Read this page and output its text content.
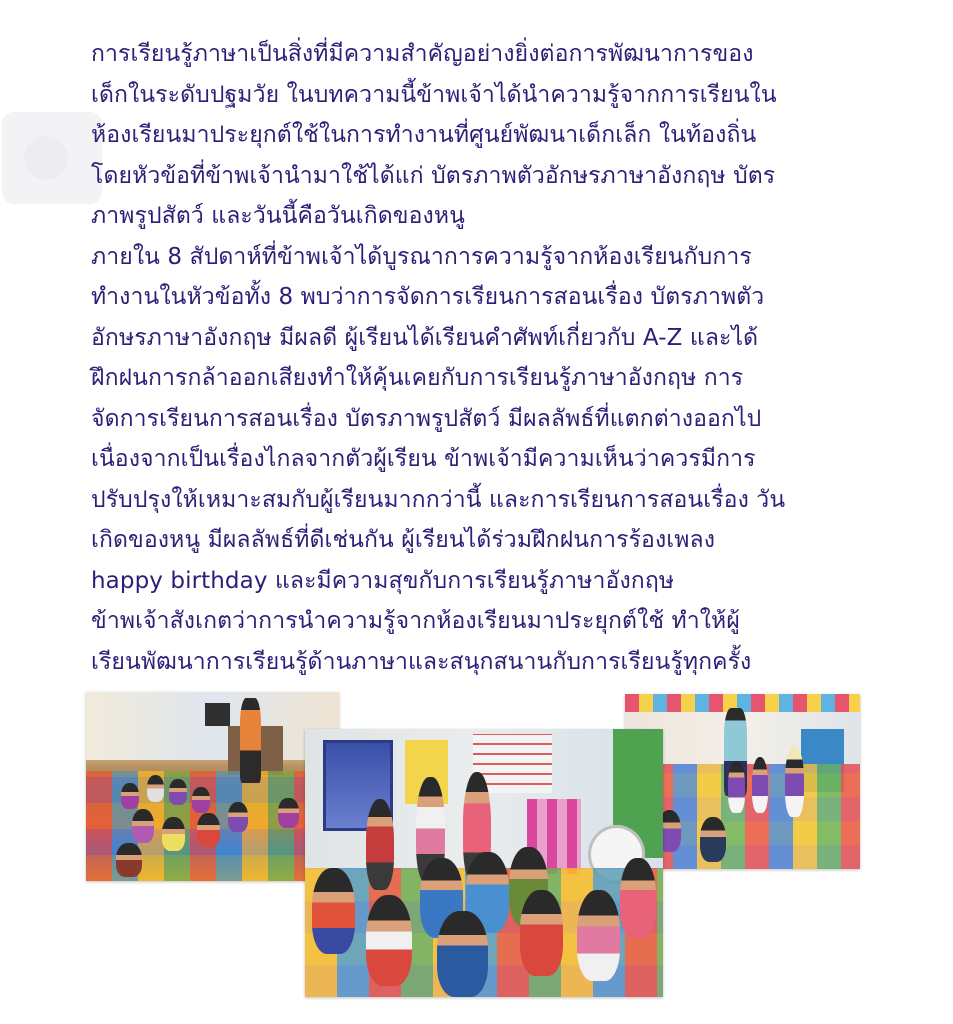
การเรียนรู้ภาษาเป็นสิ่งที่มีความสำคัญอย่างยิ่งต่อการพัฒนาการของ
เด็กในระดับปฐมวัย ในบทความนี้ข้าพเจ้าได้นำความรู้จากการเรียนใน
ห้องเรียนมาประยุกต์ใช้ในการทำงานที่ศูนย์พัฒนาเด็กเล็ก ในท้องถิ่น
โดยหัวข้อที่ข้าพเจ้านำมาใช้ได้แก่ บัตรภาพตัวอักษรภาษาอังกฤษ บัตร
ภาพรูปสัตว์ และวันนี้คือวันเกิดของหนู
ภายใน 8 สัปดาห์ที่ข้าพเจ้าได้บูรณาการความรู้จากห้องเรียนกับการ
ทำงานในหัวข้อทั้ง 8 พบว่าการจัดการเรียนการสอนเรื่อง บัตรภาพตัว
อักษรภาษาอังกฤษ มีผลดี ผู้เรียนได้เรียนคำศัพท์เกี่ยวกับ A-Z และได้
ฝึกฝนการกล้าออกเสียงทำให้คุ้นเคยกับการเรียนรู้ภาษาอังกฤษ การ
จัดการเรียนการสอนเรื่อง บัตรภาพรูปสัตว์ มีผลลัพธ์ที่แตกต่างออกไป
เนื่องจากเป็นเรื่องไกลจากตัวผู้เรียน ข้าพเจ้ามีความเห็นว่าควรมีการ
ปรับปรุงให้เหมาะสมกับผู้เรียนมากกว่านี้ และการเรียนการสอนเรื่อง วัน
เกิดของหนู มีผลลัพธ์ที่ดีเช่นกัน ผู้เรียนได้ร่วมฝึกฝนการร้องเพลง
happy birthday และมีความสุขกับการเรียนรู้ภาษาอังกฤษ
ข้าพเจ้าสังเกตว่าการนำความรู้จากห้องเรียนมาประยุกต์ใช้ ทำให้ผู้
เรียนพัฒนาการเรียนรู้ด้านภาษาและสนุกสนานกับการเรียนรู้ทุกครั้ง
